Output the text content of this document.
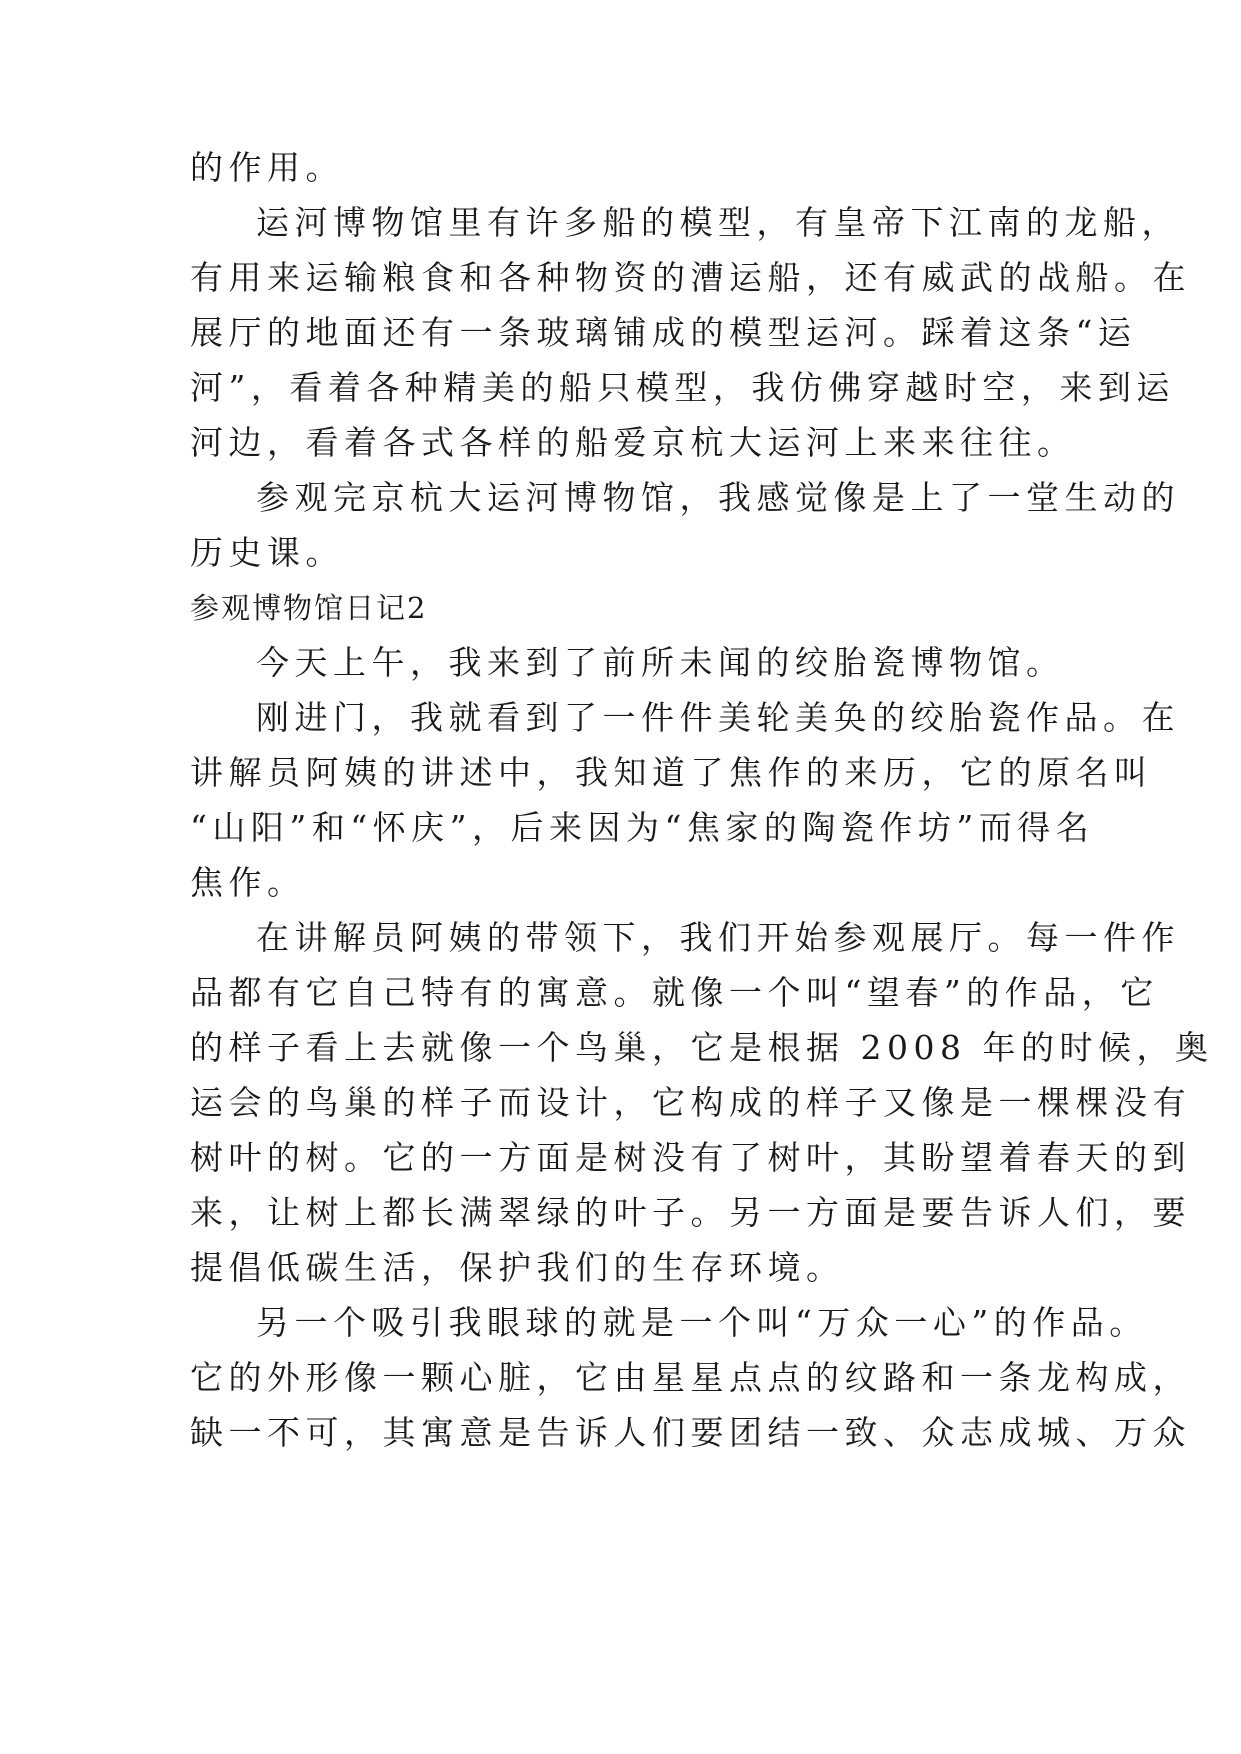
的作用。
运河博物馆里有许多船的模型，有皇帝下江南的龙船，
有用来运输粮食和各种物资的漕运船，还有威武的战船。在
展厅的地面还有一条玻璃铺成的模型运河。踩着这条“运
河”，看着各种精美的船只模型，我仿佛穿越时空，来到运
河边，看着各式各样的船爱京杭大运河上来来往往。
参观完京杭大运河博物馆，我感觉像是上了一堂生动的
历史课。
参观博物馆日记2
今天上午，我来到了前所未闻的绞胎瓷博物馆。
刚进门，我就看到了一件件美轮美奂的绞胎瓷作品。在
讲解员阿姨的讲述中，我知道了焦作的来历，它的原名叫
“山阳”和“怀庆”，后来因为“焦家的陶瓷作坊”而得名
焦作。
在讲解员阿姨的带领下，我们开始参观展厅。每一件作
品都有它自己特有的寓意。就像一个叫“望春”的作品，它
的样子看上去就像一个鸟巢，它是根据 2008 年的时候，奥
运会的鸟巢的样子而设计，它构成的样子又像是一棵棵没有
树叶的树。它的一方面是树没有了树叶，其盼望着春天的到
来，让树上都长满翠绿的叶子。另一方面是要告诉人们，要
提倡低碳生活，保护我们的生存环境。
另一个吸引我眼球的就是一个叫“万众一心”的作品。
它的外形像一颗心脏，它由星星点点的纹路和一条龙构成，
缺一不可，其寓意是告诉人们要团结一致、众志成城、万众
